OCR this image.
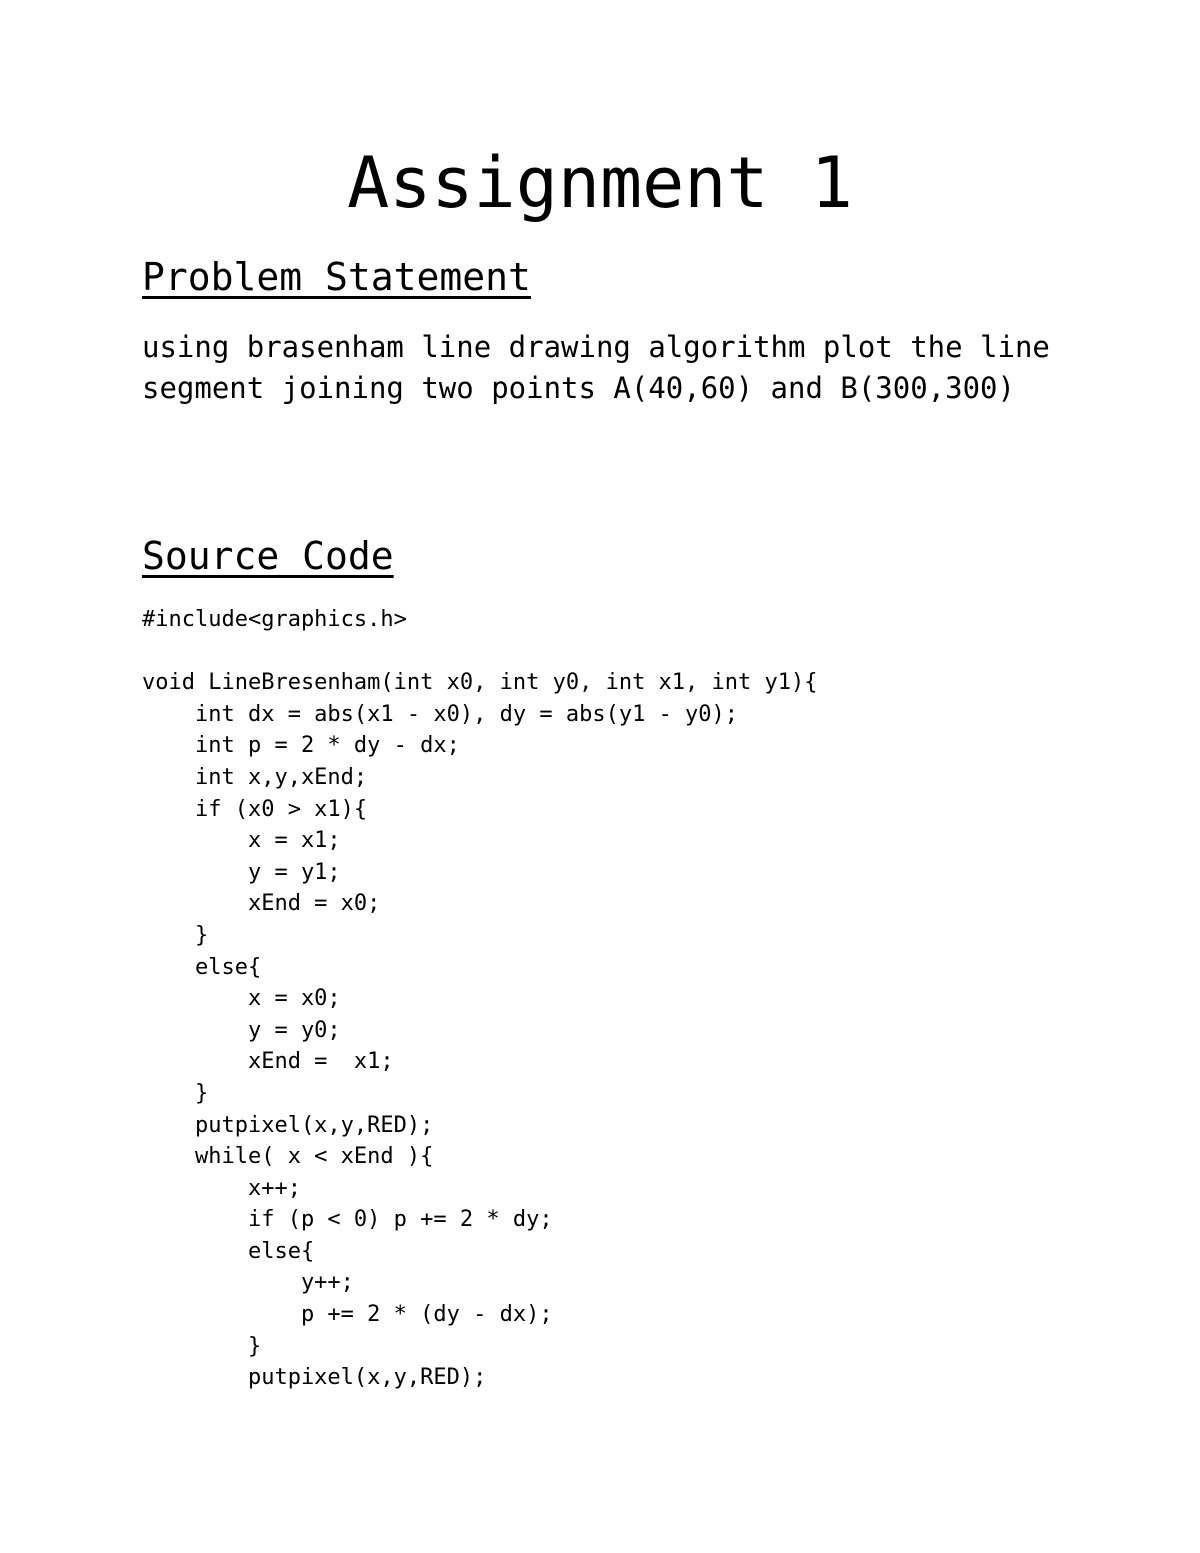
Assignment 1
Problem Statement
using brasenham line drawing algorithm plot the line segment joining two points A(40,60) and B(300,300)
Source Code
#include<graphics.h>
void LineBresenham(int x0, int y0, int x1, int y1){
int dx = abs(x1 - x0), dy = abs(y1 - y0);
int p = 2 * dy - dx;
int x,y,xEnd;
if (x0 > x1){
x = x1;
y = y1;
xEnd = x0;
}
else{
x = x0;
y = y0;
xEnd =  x1;
}
putpixel(x,y,RED);
while( x < xEnd ){
x++;
if (p < 0) p += 2 * dy;
else{
y++;
p += 2 * (dy - dx);
}
putpixel(x,y,RED);
